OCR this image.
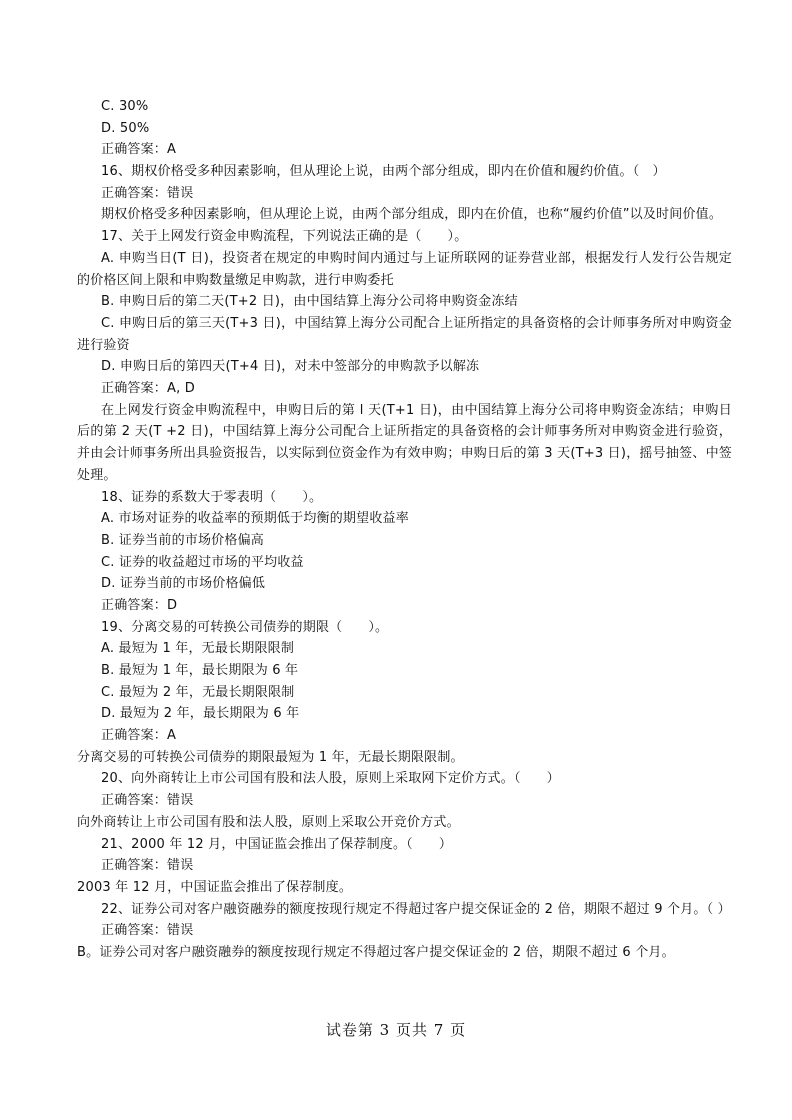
C. 30%
D. 50%
正确答案：A
16、期权价格受多种因素影响，但从理论上说，由两个部分组成，即内在价值和履约价值。（   ）
正确答案：错误
期权价格受多种因素影响，但从理论上说，由两个部分组成，即内在价值，也称“履约价值”以及时间价值。
17、关于上网发行资金申购流程，下列说法正确的是（      ）。
A. 申购当日(T 日)，投资者在规定的申购时间内通过与上证所联网的证券营业部，根据发行人发行公告规定的价格区间上限和申购数量缴足申购款，进行申购委托
B. 申购日后的第二天(T+2 日)，由中国结算上海分公司将申购资金冻结
C. 申购日后的第三天(T+3 日)，中国结算上海分公司配合上证所指定的具备资格的会计师事务所对申购资金进行验资
D. 申购日后的第四天(T+4 日)，对未中签部分的申购款予以解冻
正确答案：A, D
在上网发行资金申购流程中，申购日后的第 l 天(T+1 日)，由中国结算上海分公司将申购资金冻结；申购日后的第 2 天(T +2 日)，中国结算上海分公司配合上证所指定的具备资格的会计师事务所对申购资金进行验资，并由会计师事务所出具验资报告，以实际到位资金作为有效申购；申购日后的第 3 天(T+3 日)，摇号抽签、中签处理。
18、证券的系数大于零表明（      ）。
A. 市场对证券的收益率的预期低于均衡的期望收益率
B. 证券当前的市场价格偏高
C. 证券的收益超过市场的平均收益
D. 证券当前的市场价格偏低
正确答案：D
19、分离交易的可转换公司债券的期限（      ）。
A. 最短为 1 年，无最长期限限制
B. 最短为 1 年，最长期限为 6 年
C. 最短为 2 年，无最长期限限制
D. 最短为 2 年，最长期限为 6 年
正确答案：A
分离交易的可转换公司债券的期限最短为 1 年，无最长期限限制。
20、向外商转让上市公司国有股和法人股，原则上采取网下定价方式。（      ）
正确答案：错误
向外商转让上市公司国有股和法人股，原则上采取公开竞价方式。
21、2000 年 12 月，中国证监会推出了保荐制度。（      ）
正确答案：错误
2003 年 12 月，中国证监会推出了保荐制度。
22、证券公司对客户融资融券的额度按现行规定不得超过客户提交保证金的 2 倍，期限不超过 9 个月。（ ）
正确答案：错误
B。证券公司对客户融资融券的额度按现行规定不得超过客户提交保证金的 2 倍，期限不超过 6 个月。
试卷第 3 页共 7 页
